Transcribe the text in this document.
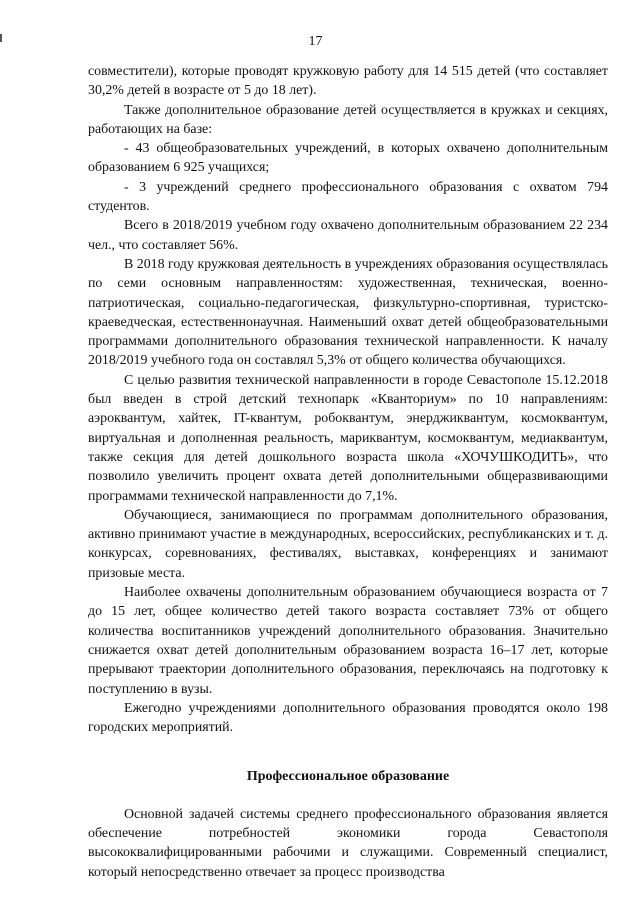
17

совместители), которые проводят кружковую работу для 14 515 детей (что составляет 30,2% детей в возрасте от 5 до 18 лет).

Также дополнительное образование детей осуществляется в кружках и секциях, работающих на базе:

- 43 общеобразовательных учреждений, в которых охвачено дополнительным образованием 6 925 учащихся;

- 3 учреждений среднего профессионального образования с охватом 794 студентов.

Всего в 2018/2019 учебном году охвачено дополнительным образованием 22 234 чел., что составляет 56%.

В 2018 году кружковая деятельность в учреждениях образования осуществлялась по семи основным направленностям: художественная, техническая, военно-патриотическая, социально-педагогическая, физкультурно-спортивная, туристско-краеведческая, естественнонаучная. Наименьший охват детей общеобразовательными программами дополнительного образования технической направленности. К началу 2018/2019 учебного года он составлял 5,3% от общего количества обучающихся.

С целью развития технической направленности в городе Севастополе 15.12.2018 был введен в строй детский технопарк «Кванториум» по 10 направлениям: аэроквантум, хайтек, IT-квантум, робоквантум, энерджиквантум, космоквантум, виртуальная и дополненная реальность, мариквантум, космоквантум, медиаквантум, также секция для детей дошкольного возраста школа «ХОЧУШКОДИТЬ», что позволило увеличить процент охвата детей дополнительными общеразвивающими программами технической направленности до 7,1%.

Обучающиеся, занимающиеся по программам дополнительного образования, активно принимают участие в международных, всероссийских, республиканских и т. д. конкурсах, соревнованиях, фестивалях, выставках, конференциях и занимают призовые места.

Наиболее охвачены дополнительным образованием обучающиеся возраста от 7 до 15 лет, общее количество детей такого возраста составляет 73% от общего количества воспитанников учреждений дополнительного образования. Значительно снижается охват детей дополнительным образованием возраста 16–17 лет, которые прерывают траектории дополнительного образования, переключаясь на подготовку к поступлению в вузы.

Ежегодно учреждениями дополнительного образования проводятся около 198 городских мероприятий.

Профессиональное образование

Основной задачей системы среднего профессионального образования является обеспечение потребностей экономики города Севастополя высококвалифицированными рабочими и служащими. Современный специалист, который непосредственно отвечает за процесс производства
